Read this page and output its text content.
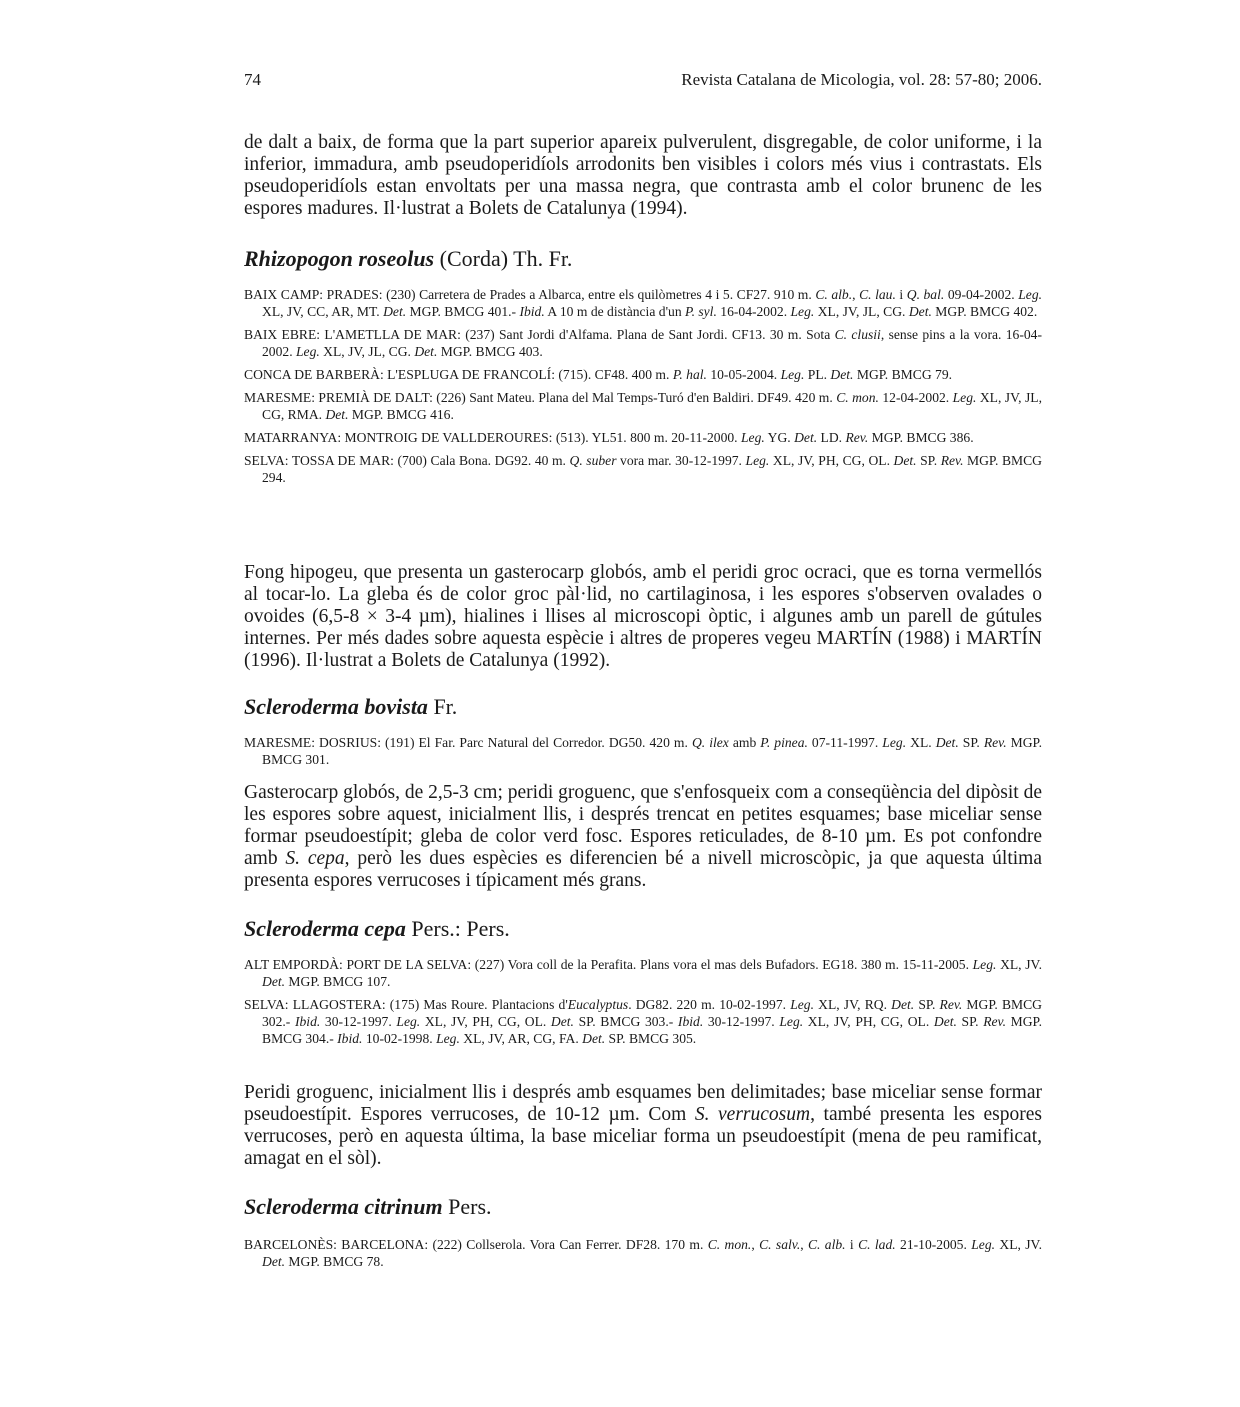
74	Revista Catalana de Micologia, vol. 28: 57-80; 2006.

de dalt a baix, de forma que la part superior apareix pulverulent, disgregable, de color uniforme, i la inferior, immadura, amb pseudoperidíols arrodonits ben visibles i colors més vius i contrastats. Els pseudoperidíols estan envoltats per una massa negra, que contrasta amb el color brunenc de les espores madures. Il·lustrat a Bolets de Catalunya (1994).

Rhizopogon roseolus (Corda) Th. Fr.

BAIX CAMP: PRADES: (230) Carretera de Prades a Albarca, entre els quilòmetres 4 i 5. CF27. 910 m. C. alb., C. lau. i Q. bal. 09-04-2002. Leg. XL, JV, CC, AR, MT. Det. MGP. BMCG 401.- Ibid. A 10 m de distància d'un P. syl. 16-04-2002. Leg. XL, JV, JL, CG. Det. MGP. BMCG 402.

BAIX EBRE: L'AMETLLA DE MAR: (237) Sant Jordi d'Alfama. Plana de Sant Jordi. CF13. 30 m. Sota C. clusii, sense pins a la vora. 16-04-2002. Leg. XL, JV, JL, CG. Det. MGP. BMCG 403.

CONCA DE BARBERÀ: L'ESPLUGA DE FRANCOLÍ: (715). CF48. 400 m. P. hal. 10-05-2004. Leg. PL. Det. MGP. BMCG 79.

MARESME: PREMIÀ DE DALT: (226) Sant Mateu. Plana del Mal Temps-Turó d'en Baldiri. DF49. 420 m. C. mon. 12-04-2002. Leg. XL, JV, JL, CG, RMA. Det. MGP. BMCG 416.

MATARRANYA: MONTROIG DE VALLDEROURES: (513). YL51. 800 m. 20-11-2000. Leg. YG. Det. LD. Rev. MGP. BMCG 386.

SELVA: TOSSA DE MAR: (700) Cala Bona. DG92. 40 m. Q. suber vora mar. 30-12-1997. Leg. XL, JV, PH, CG, OL. Det. SP. Rev. MGP. BMCG 294.

Fong hipogeu, que presenta un gasterocarp globós, amb el peridi groc ocraci, que es torna vermellós al tocar-lo. La gleba és de color groc pàl·lid, no cartilaginosa, i les espores s'observen ovalades o ovoides (6,5-8 × 3-4 µm), hialines i llises al microscopi òptic, i algunes amb un parell de gútules internes. Per més dades sobre aquesta espècie i altres de properes vegeu MARTÍN (1988) i MARTÍN (1996). Il·lustrat a Bolets de Catalunya (1992).

Scleroderma bovista Fr.

MARESME: DOSRIUS: (191) El Far. Parc Natural del Corredor. DG50. 420 m. Q. ilex amb P. pinea. 07-11-1997. Leg. XL. Det. SP. Rev. MGP. BMCG 301.

Gasterocarp globós, de 2,5-3 cm; peridi groguenc, que s'enfosqueix com a conseqüència del dipòsit de les espores sobre aquest, inicialment llis, i després trencat en petites esquames; base miceliar sense formar pseudoestípit; gleba de color verd fosc. Espores reticulades, de 8-10 µm. Es pot confondre amb S. cepa, però les dues espècies es diferencien bé a nivell microscòpic, ja que aquesta última presenta espores verrucoses i típicament més grans.

Scleroderma cepa Pers.: Pers.

ALT EMPORDÀ: PORT DE LA SELVA: (227) Vora coll de la Perafita. Plans vora el mas dels Bufadors. EG18. 380 m. 15-11-2005. Leg. XL, JV. Det. MGP. BMCG 107.

SELVA: LLAGOSTERA: (175) Mas Roure. Plantacions d'Eucalyptus. DG82. 220 m. 10-02-1997. Leg. XL, JV, RQ. Det. SP. Rev. MGP. BMCG 302.- Ibid. 30-12-1997. Leg. XL, JV, PH, CG, OL. Det. SP. BMCG 303.- Ibid. 30-12-1997. Leg. XL, JV, PH, CG, OL. Det. SP. Rev. MGP. BMCG 304.- Ibid. 10-02-1998. Leg. XL, JV, AR, CG, FA. Det. SP. BMCG 305.

Peridi groguenc, inicialment llis i després amb esquames ben delimitades; base miceliar sense formar pseudoestípit. Espores verrucoses, de 10-12 µm. Com S. verrucosum, també presenta les espores verrucoses, però en aquesta última, la base miceliar forma un pseudoestípit (mena de peu ramificat, amagat en el sòl).

Scleroderma citrinum Pers.

BARCELONÈS: BARCELONA: (222) Collserola. Vora Can Ferrer. DF28. 170 m. C. mon., C. salv., C. alb. i C. lad. 21-10-2005. Leg. XL, JV. Det. MGP. BMCG 78.
